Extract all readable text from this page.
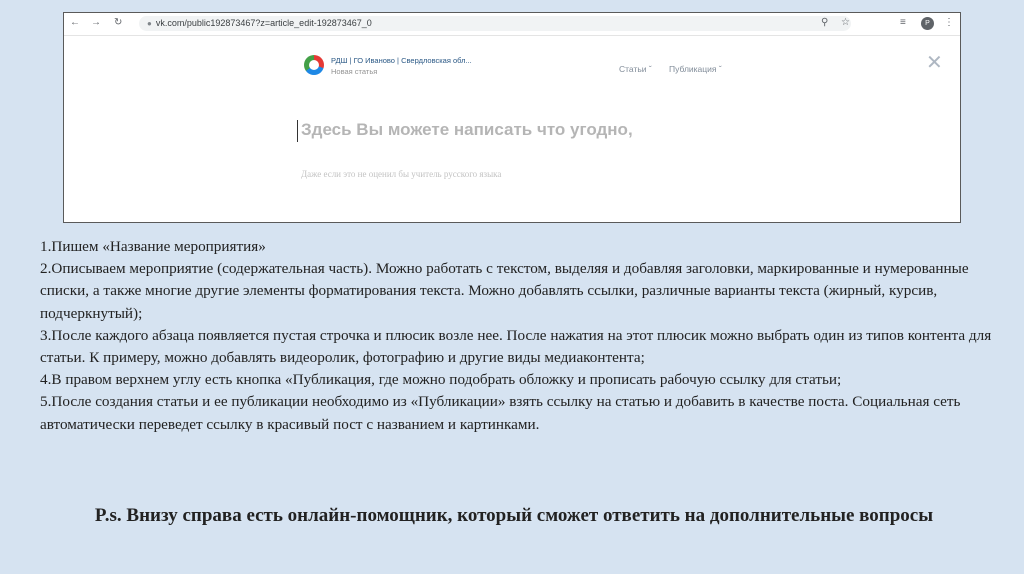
← → ↻	● vk.com/public192873467?z=article_edit-192873467_0	⚲ ☆	≡	P	⋮
РДШ | ГО Иваново | Свердловская обл...
Новая статья	Статьи ˇ Публикация ˇ	✕
Здесь Вы можете написать что угодно,
Даже если это не оценил бы учитель русского языка

1.Пишем «Название мероприятия»

2.Описываем мероприятие (содержательная часть). Можно работать с текстом, выделяя и добавляя заголовки, маркированные и нумерованные списки, а также многие другие элементы форматирования текста. Можно добавлять ссылки, различные варианты текста (жирный, курсив, подчеркнутый);

3.После каждого абзаца появляется пустая строчка и плюсик возле нее. После нажатия на этот плюсик можно выбрать один из типов контента для статьи. К примеру, можно добавлять видеоролик, фотографию и другие виды медиаконтента;

4.В правом верхнем углу есть кнопка «Публикация, где можно подобрать обложку и прописать рабочую ссылку для статьи;

5.После создания статьи и ее публикации необходимо из «Публикации» взять ссылку на статью и добавить в качестве поста. Социальная сеть автоматически переведет ссылку в красивый пост с названием и картинками.

P.s. Внизу справа есть онлайн-помощник, который сможет ответить на дополнительные вопросы
